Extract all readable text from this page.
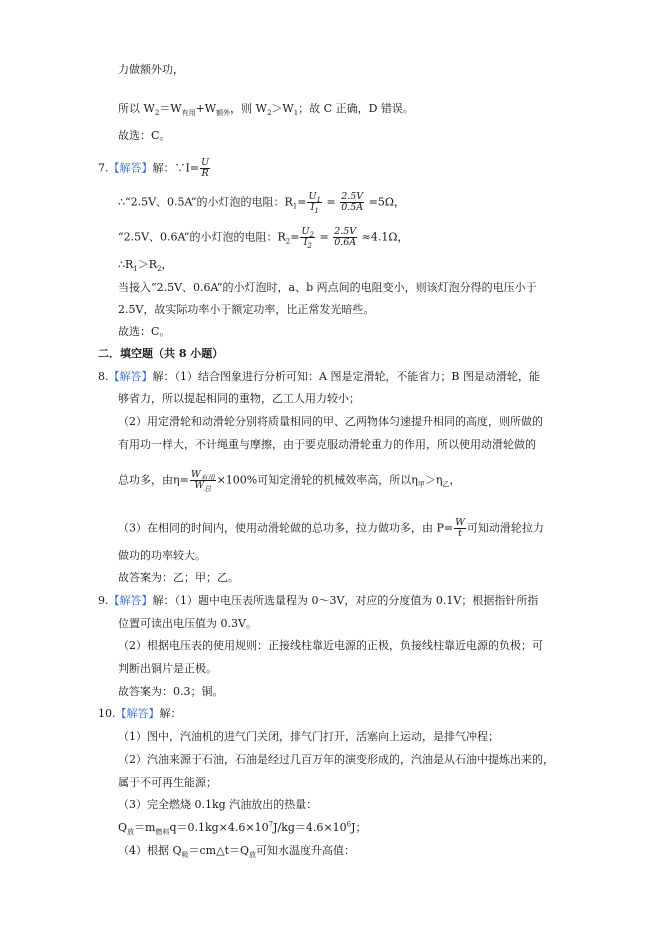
力做额外功，
所以 $W_2=W_{有用}+W_{额外}$，则 $W_2>W_1$；故 C 正确，D 错误。
故选：C。
7.【解答】解：∵I= $\frac{U}{R}$
∴“2.5V、0.5A”的小灯泡的电阻：$R_1= \frac{U_1}{I_1} = \frac{2.5V}{0.5A} =5\Omega$，
“2.5V、0.6A”的小灯泡的电阻：$R_2= \frac{U_2}{I_2} = \frac{2.5V}{0.6A} \approx 4.1\Omega$，
$\therefore R_1>R_2$，
当接入“2.5V、0.6A”的小灯泡时，a、b 两点间的电阻变小，则该灯泡分得的电压小于
2.5V，故实际功率小于额定功率，比正常发光暗些。
故选：C。
二．填空题（共 8 小题）
8.【解答】解：（1）结合图象进行分析可知：A 图是定滑轮，不能省力；B 图是动滑轮，能
够省力，所以提起相同的重物，乙工人用力较小；
（2）用定滑轮和动滑轮分别将质量相同的甲、乙两物体匀速提升相同的高度，则所做的
有用功一样大，不计绳重与摩擦，由于要克服动滑轮重力的作用，所以使用动滑轮做的
总功多，由$\eta= \frac{W_{有用}}{W_总} \times 100\%$可知定滑轮的机械效率高，所以$\eta_甲>\eta_乙$，
（3）在相同的时间内，使用动滑轮做的总功多，拉力做功多，由 $P= \frac{W}{t}$ 可知动滑轮拉力
做功的功率较大。
故答案为：乙；甲；乙。
9.【解答】解：（1）题中电压表所选量程为 0～3V，对应的分度值为 0.1V；根据指针所指
位置可读出电压值为 0.3V。
（2）根据电压表的使用规则：正接线柱靠近电源的正极，负接线柱靠近电源的负极；可
判断出铜片是正极。
故答案为：0.3；铜。
10.【解答】解：
（1）图中，汽油机的进气门关闭，排气门打开，活塞向上运动，是排气冲程；
（2）汽油来源于石油，石油是经过几百万年的演变形成的，汽油是从石油中提炼出来的，
属于不可再生能源；
（3）完全燃烧 0.1kg 汽油放出的热量：
$Q_放=m_{燃料}q=0.1kg\times 4.6\times 10^7J/kg=4.6\times 10^6J$；
（4）根据 $Q_吸=cm\triangle t=Q_放$可知水温度升高值：
